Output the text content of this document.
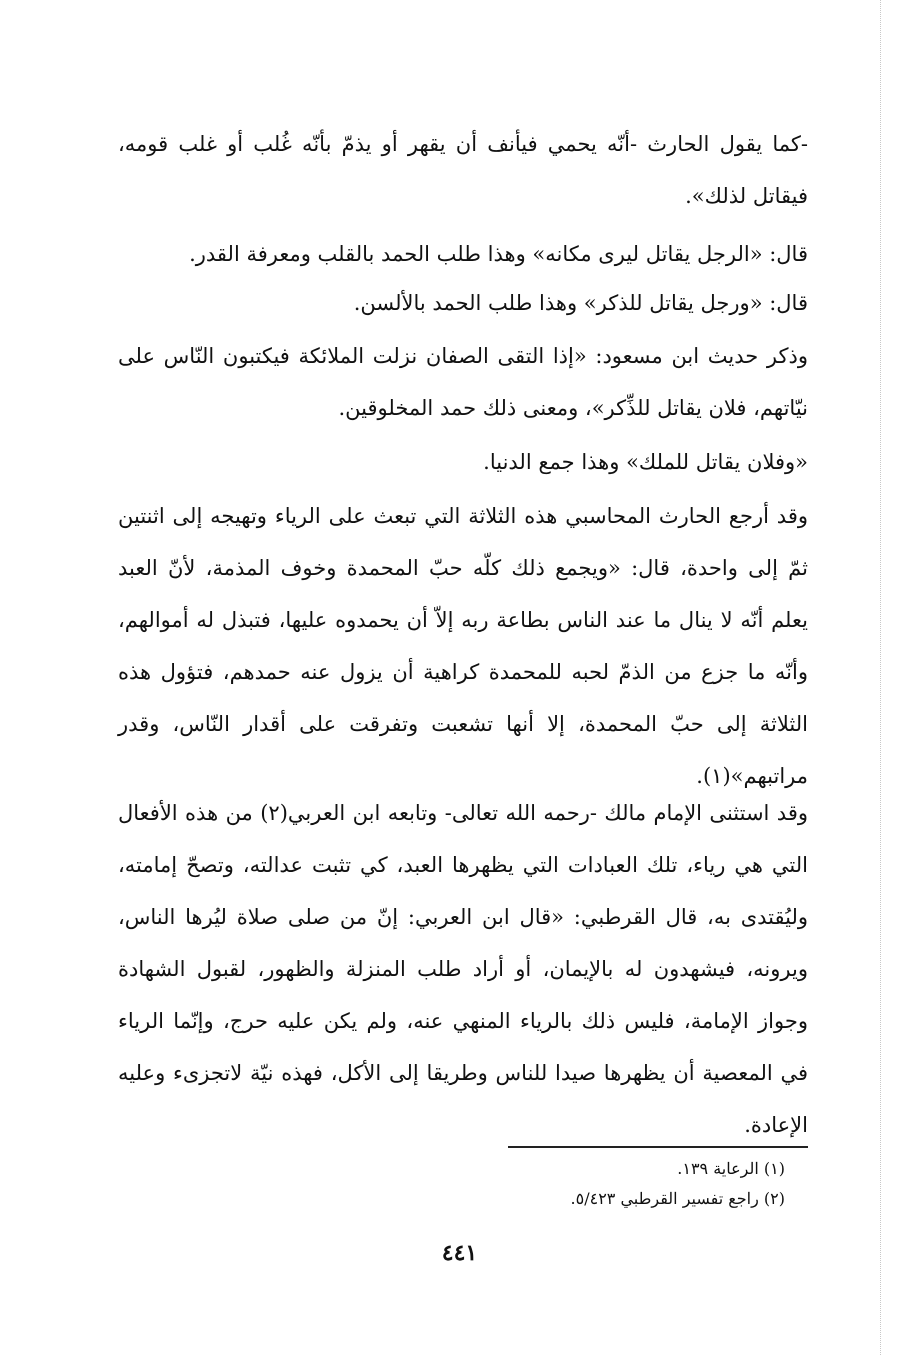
-كما يقول الحارث -أنّه يحمي فيأنف أن يقهر أو يذمّ بأنّه غُلب أو غلب قومه، فيقاتل لذلك».

قال: «الرجل يقاتل ليرى مكانه» وهذا طلب الحمد بالقلب ومعرفة القدر.

قال: «ورجل يقاتل للذكر» وهذا طلب الحمد بالألسن.

وذكر حديث ابن مسعود: «إذا التقى الصفان نزلت الملائكة فيكتبون النّاس على نيّاتهم، فلان يقاتل للذِّكر»، ومعنى ذلك حمد المخلوقين.

«وفلان يقاتل للملك» وهذا جمع الدنيا.

وقد أرجع الحارث المحاسبي هذه الثلاثة التي تبعث على الرياء وتهيجه إلى اثنتين ثمّ إلى واحدة، قال: «ويجمع ذلك كلّه حبّ المحمدة وخوف المذمة، لأنّ العبد يعلم أنّه لا ينال ما عند الناس بطاعة ربه إلاّ أن يحمدوه عليها، فتبذل له أموالهم، وأنّه ما جزع من الذمّ لحبه للمحمدة كراهية أن يزول عنه حمدهم، فتؤول هذه الثلاثة إلى حبّ المحمدة، إلا أنها تشعبت وتفرقت على أقدار النّاس، وقدر مراتبهم»(١).

وقد استثنى الإمام مالك -رحمه الله تعالى- وتابعه ابن العربي(٢) من هذه الأفعال التي هي رياء، تلك العبادات التي يظهرها العبد، كي تثبت عدالته، وتصحّ إمامته، وليُقتدى به، قال القرطبي: «قال ابن العربي: إنّ من صلى صلاة ليُرها الناس، ويرونه، فيشهدون له بالإيمان، أو أراد طلب المنزلة والظهور، لقبول الشهادة وجواز الإمامة، فليس ذلك بالرياء المنهي عنه، ولم يكن عليه حرج، وإنّما الرياء في المعصية أن يظهرها صيدا للناس وطريقا إلى الأكل، فهذه نيّة لاتجزىء وعليه الإعادة.

(١) الرعاية ١٣٩.
(٢) راجع تفسير القرطبي ٥/٤٢٣.
٤٤١
